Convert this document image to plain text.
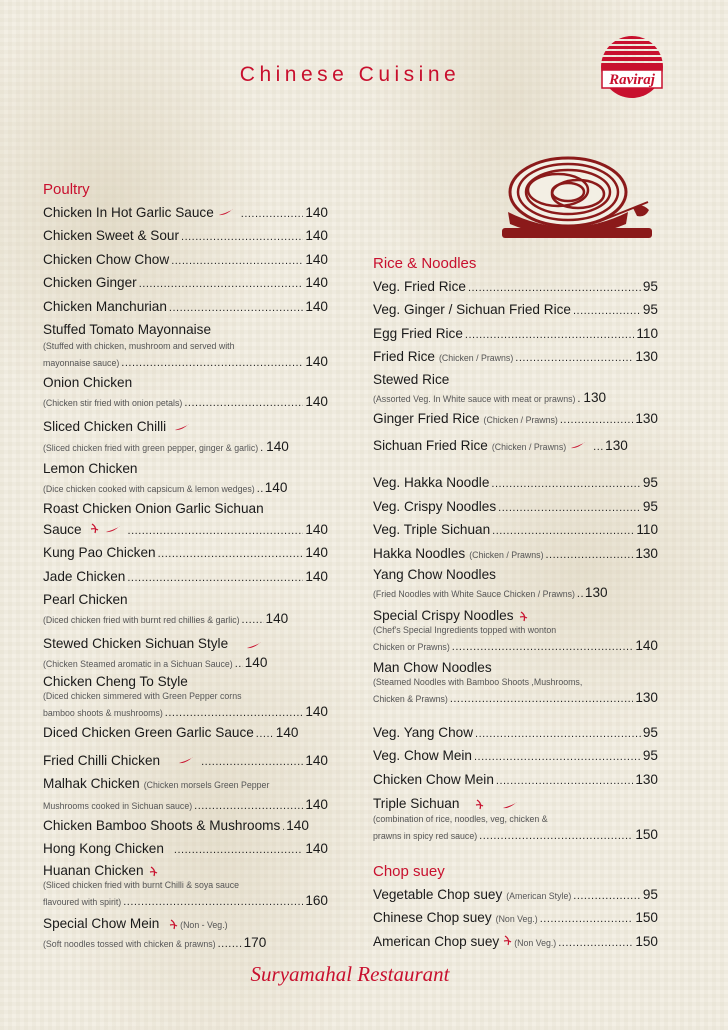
Chinese Cuisine	Raviraj
Poultry
Chicken In Hot Garlic Sauce .....	140
Chicken Sweet & Sour .....	140
Chicken Chow Chow .....	140
Chicken Ginger .....	140
Chicken Manchurian .....	140
Stuffed Tomato Mayonnaise
(Stuffed with chicken, mushroom and served with
mayonnaise sauce) .....	140
Onion Chicken
(Chicken stir fried with onion petals) .....	140
Sliced Chicken Chilli
(Sliced chicken fried with green pepper, ginger & garlic) ..... 140
Lemon Chicken
(Dice chicken cooked with capsicum & lemon wedges) ..... 140
Roast Chicken Onion Garlic Sichuan
Sauce .....	140
Kung Pao Chicken .....	140
Jade Chicken .....	140
Pearl Chicken
(Diced chicken fried with burnt red chillies & garlic) ..... 140
Stewed Chicken Sichuan Style
(Chicken Steamed aromatic in a Sichuan Sauce) ..... 140
Chicken Cheng To Style
(Diced chicken simmered with Green Pepper corns
bamboo shoots & mushrooms) .....	140
Diced Chicken Green Garlic Sauce ..... 140
Fried Chilli Chicken .....	140
Malhak Chicken (Chicken morsels Green Pepper
Mushrooms cooked in Sichuan sauce) .....	140
Chicken Bamboo Shoots & Mushrooms ..... 140
Hong Kong Chicken .....	140
Huanan Chicken
(Sliced chicken fried with burnt Chilli & soya sauce
flavoured with spirit) .....	160
Special Chow Mein (Non - Veg.)
(Soft noodles tossed with chicken & prawns) ..... 170
Rice & Noodles
Veg. Fried Rice .....	95
Veg. Ginger / Sichuan Fried Rice .....	95
Egg Fried Rice .....	110
Fried Rice (Chicken / Prawns) .....	130
Stewed Rice
(Assorted Veg. In White sauce with meat or prawns) ..... 130
Ginger Fried Rice (Chicken / Prawns) .....	130
Sichuan Fried Rice (Chicken / Prawns) .....	130
Veg. Hakka Noodle .....	95
Veg. Crispy Noodles .....	95
Veg. Triple Sichuan .....	110
Hakka Noodles (Chicken / Prawns) .....	130
Yang Chow Noodles
(Fried Noodles with White Sauce Chicken / Prawns) ..... 130
Special Crispy Noodles
(Chef's Special Ingredients topped with wonton
Chicken or Prawns) .....	140
Man Chow Noodles
(Steamed Noodles with Bamboo Shoots ,Mushrooms,
Chicken & Prawns) .....	130
Veg. Yang Chow .....	95
Veg. Chow Mein .....	95
Chicken Chow Mein .....	130
Triple Sichuan
(combination of rice, noodles, veg, chicken &
prawns in spicy red sauce) .....	150
Chop suey
Vegetable Chop suey (American Style) .....	95
Chinese Chop suey (Non Veg.) .....	150
American Chop suey (Non Veg.) .....	150
Suryamahal Restaurant
